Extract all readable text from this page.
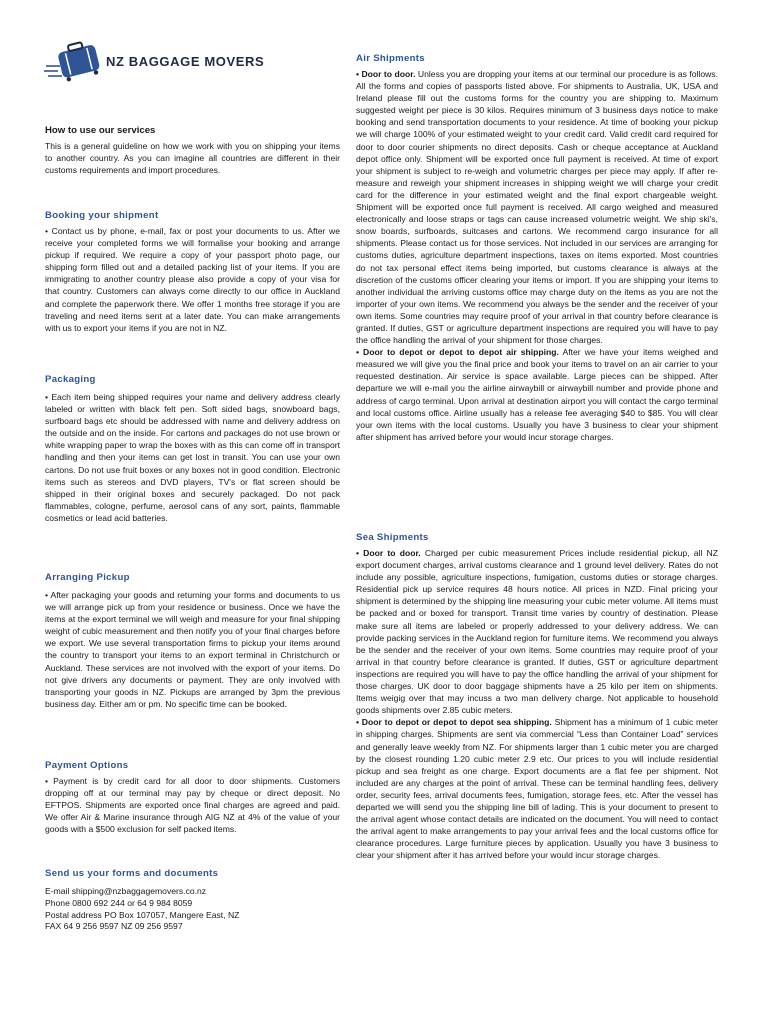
NZ BAGGAGE MOVERS
How to use our services

This is a general guideline on how we work with you on shipping your items to another country. As you can imagine all countries are different in their customs requirements and import procedures.

Booking your shipment

• Contact us by phone, e-mail, fax or post your documents to us. After we receive your completed forms we will formalise your booking and arrange pickup if required. We require a copy of your passport photo page, our shipping form filled out and a detailed packing list of your items. If you are immigrating to another country please also provide a copy of your visa for that country. Customers can always come directly to our office in Auckland and complete the paperwork there. We offer 1 months free storage if you are traveling and need items sent at a later date. You can make arrangements with us to export your items if you are not in NZ.

Packaging

• Each item being shipped requires your name and delivery address clearly labeled or written with black felt pen. Soft sided bags, snowboard bags, surfboard bags etc should be addressed with name and delivery address on the outside and on the inside. For cartons and packages do not use brown or white wrapping paper to wrap the boxes with as this can come off in transport handling and then your items can get lost in transit. You can use your own cartons. Do not use fruit boxes or any boxes not in good condition. Electronic items such as stereos and DVD players, TV's or flat screen should be shipped in their original boxes and securely packaged. Do not pack flammables, cologne, perfume, aerosol cans of any sort, paints, flammable cosmetics or lead acid batteries.

Arranging Pickup

• After packaging your goods and returning your forms and documents to us we will arrange pick up from your residence or business. Once we have the items at the export terminal we will weigh and measure for your final shipping weight of cubic measurement and then notify you of your final charges before we export. We use several transportation firms to pickup your items around the country to transport your items to an export terminal in Christchurch or Auckland. These services are not involved with the export of your items. Do not give drivers any documents or payment. They are only involved with transporting your goods in NZ. Pickups are arranged by 3pm the previous business day. Either am or pm. No specific time can be booked.

Payment Options

• Payment is by credit card for all door to door shipments. Customers dropping off at our terminal may pay by cheque or direct deposit. No EFTPOS. Shipments are exported once final charges are agreed and paid. We offer Air & Marine insurance through AIG NZ at 4% of the value of your goods with a $500 exclusion for self packed items.

Send us your forms and documents
E-mail shipping@nzbaggagemovers.co.nz
Phone 0800 692 244 or 64 9 984 8059
Postal address PO Box 107057, Mangere East, NZ
FAX 64 9 256 9597 NZ 09 256 9597
Air Shipments

• Door to door. Unless you are dropping your items at our terminal our procedure is as follows. All the forms and copies of passports listed above. For shipments to Australia, UK, USA and Ireland please fill out the customs forms for the country you are shipping to. Maximum suggested weight per piece is 30 kilos. Requires minimum of 3 business days notice to make booking and send transportation documents to your residence. At time of booking your pickup we will charge 100% of your estimated weight to your credit card. Valid credit card required for door to door courier shipments no direct deposits. Cash or cheque acceptance at Auckland depot office only. Shipment will be exported once full payment is received. At time of export your shipment is subject to re-weigh and volumetric charges per piece may apply. If after re-measure and reweigh your shipment increases in shipping weight we will charge your credit card for the difference in your estimated weight and the final export chargeable weight. Shipment will be exported once full payment is received. All cargo weighed and measured electronically and loose straps or tags can cause increased volumetric weight. We ship ski's, snow boards, surfboards, suitcases and cartons. We recommend cargo insurance for all shipments. Please contact us for those services. Not included in our services are arranging for customs duties, agriculture department inspections, taxes on items exported. Most countries do not tax personal effect items being imported, but customs clearance is always at the discretion of the customs officer clearing your items or import. If you are shipping your items to another individual the arriving customs office may charge duty on the items as you are not the importer of your own items. We recommend you always be the sender and the receiver of your own items. Some countries may require proof of your arrival in that country before clearance is granted. If duties, GST or agriculture department inspections are required you will have to pay the office handling the arrival of your shipment for those charges.

• Door to depot or depot to depot air shipping. After we have your items weighed and measured we will give you the final price and book your items to travel on an air carrier to your requested destination. Air service is space available. Large pieces can be shipped. After departure we will e-mail you the airline airwaybill or airwaybill number and provide phone and address of cargo terminal. Upon arrival at destination airport you will contact the cargo terminal and local customs office. Airline usually has a release fee averaging $40 to $85. You will clear your own items with the local customs. Usually you have 3 business to clear your shipment after shipment has arrived before your would incur storage charges.

Sea Shipments

• Door to door. Charged per cubic measurement Prices include residential pickup, all NZ export document charges, arrival customs clearance and 1 ground level delivery. Rates do not include any possible, agriculture inspections, fumigation, customs duties or storage charges. Residential pick up service requires 48 hours notice. All prices in NZD. Final pricing your shipment is determined by the shipping line measuring your cubic meter volume. All items must be packed and or boxed for transport. Transit time varies by country of destination. Please make sure all items are labeled or properly addressed to your delivery address. We can provide packing services in the Auckland region for furniture items. We recommend you always be the sender and the receiver of your own items. Some countries may require proof of your arrival in that country before clearance is granted. If duties, GST or agriculture department inspections are required you will have to pay the office handling the arrival of your shipment for those charges. UK door to door baggage shipments have a 25 kilo per item on shipments. Items weigig over that may incuss a two man delivery charge. Not applicable to household goods shipments over 2.85 cubic meters.

• Door to depot or depot to depot sea shipping. Shipment has a minimum of 1 cubic meter in shipping charges. Shipments are sent via commercial “Less than Container Load” services and generally leave weekly from NZ. For shipments larger than 1 cubic meter you are charged by the closest rounding 1.20 cubic meter 2.9 etc. Our prices to you will include residential pickup and sea freight as one charge. Export documents are a flat fee per shipment. Not included are any charges at the point of arrival. These can be terminal handling fees, delivery order, security fees, arrival documents fees, fumigation, storage fees, etc. After the vessel has departed we willl send you the shipping line bill of lading. This is your document to present to the arrival agent whose contact details are indicated on the document. You will need to contact the arrival agent to make arrangements to pay your arrival fees and the local customs office for clearance procedures. Large furniture pieces by application. Usually you have 3 business to clear your shipment after it has arrived before your would incur storage charges.
